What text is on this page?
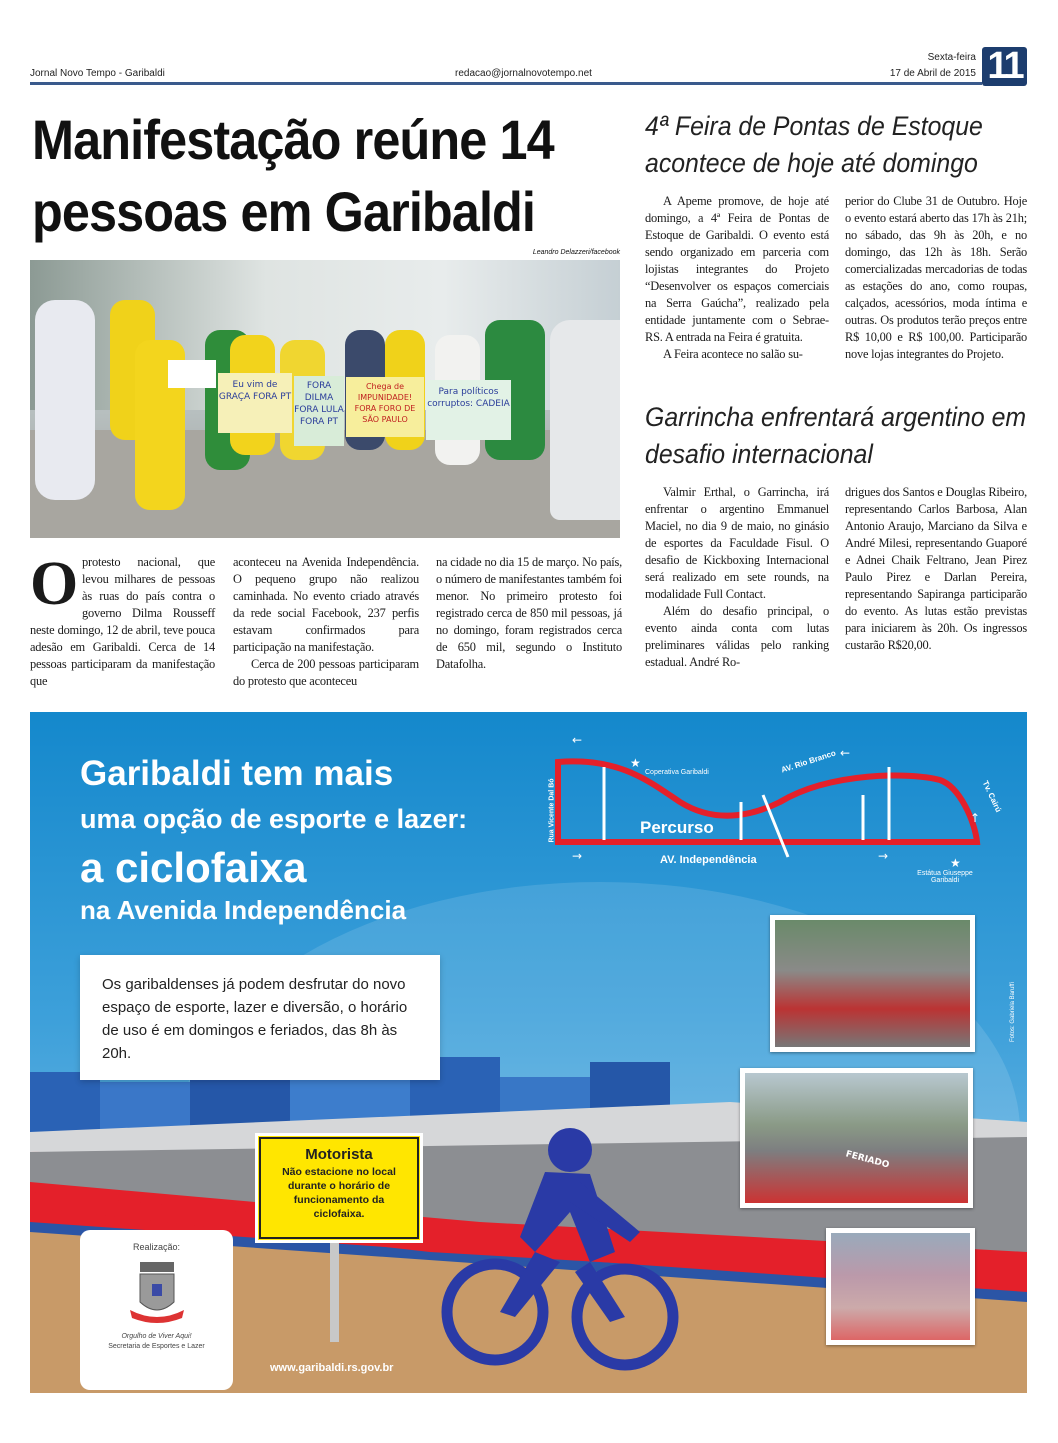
Jornal Novo Tempo - Garibaldi	redacao@jornalnovotempo.net
Sexta-feira
17 de Abril de 2015 11
Manifestação reúne 14 pessoas em Garibaldi
Leandro Delazzeri/facebook
Eu vim de GRAÇA FORA PT
FORA DILMA FORA LULA FORA PT
Chega de IMPUNIDADE! FORA FORO DE SÃO PAULO
Para políticos corruptos: CADEIA
Oprotesto nacional, que levou milhares de pessoas às ruas do país contra o governo Dilma Rousseff neste domingo, 12 de abril, teve pouca adesão em Garibaldi. Cerca de 14 pessoas participaram da manifestação que

aconteceu na Avenida Independência. O pequeno grupo não realizou caminhada. No evento criado através da rede social Facebook, 237 perfis estavam confirmados para participação na manifestação.

Cerca de 200 pessoas participaram do protesto que aconteceu

na cidade no dia 15 de março. No país, o número de manifestantes também foi menor. No primeiro protesto foi registrado cerca de 850 mil pessoas, já no domingo, foram registrados cerca de 650 mil, segundo o Instituto Datafolha.

4ª Feira de Pontas de Estoque acontece de hoje até domingo

A Apeme promove, de hoje até domingo, a 4ª Feira de Pontas de Estoque de Garibaldi. O evento está sendo organizado em parceria com lojistas integrantes do Projeto “Desenvolver os espaços comerciais na Serra Gaúcha”, realizado pela entidade juntamente com o Sebrae-RS. A entrada na Feira é gratuita.

A Feira acontece no salão su-

perior do Clube 31 de Outubro. Hoje o evento estará aberto das 17h às 21h; no sábado, das 9h às 20h, e no domingo, das 12h às 18h. Serão comercializadas mercadorias de todas as estações do ano, como roupas, calçados, acessórios, moda íntima e outras. Os produtos terão preços entre R$ 10,00 e R$ 100,00. Participarão nove lojas integrantes do Projeto.

Garrincha enfrentará argentino em desafio internacional

Valmir Erthal, o Garrincha, irá enfrentar o argentino Emmanuel Maciel, no dia 9 de maio, no ginásio de esportes da Faculdade Fisul. O desafio de Kickboxing Internacional será realizado em sete rounds, na modalidade Full Contact.

Além do desafio principal, o evento ainda conta com lutas preliminares válidas pelo ranking estadual. André Ro-

drigues dos Santos e Douglas Ribeiro, representando Carlos Barbosa, Alan Antonio Araujo, Marciano da Silva e André Milesi, representando Guaporé e Adnei Chaik Feltrano, Jean Pirez Paulo Pirez e Darlan Pereira, representando Sapiranga participarão do evento. As lutas estão previstas para iniciarem às 20h. Os ingressos custarão R$20,00.

Garibaldi tem mais
uma opção de esporte e lazer:
a ciclofaixa
na Avenida Independência
←
→	→
←
↑
★
★
Percurso
AV. Independência
AV. Rio Branco
Rua Vicente Dal Bó	Tv. Cairú
Coperativa Garibaldi
Estátua Giuseppe Garibaldi
Os garibaldenses já podem desfrutar do novo espaço de esporte, lazer e diversão, o horário de uso é em domingos e feriados, das 8h às 20h.
Motorista
Não estacione no local durante o horário de funcionamento da ciclofaixa.
FERIADO
Fotos: Gabriela Baruffi
Realização:
Orgulho de Viver Aqui!
Secretaria de Esportes e Lazer
www.garibaldi.rs.gov.br
